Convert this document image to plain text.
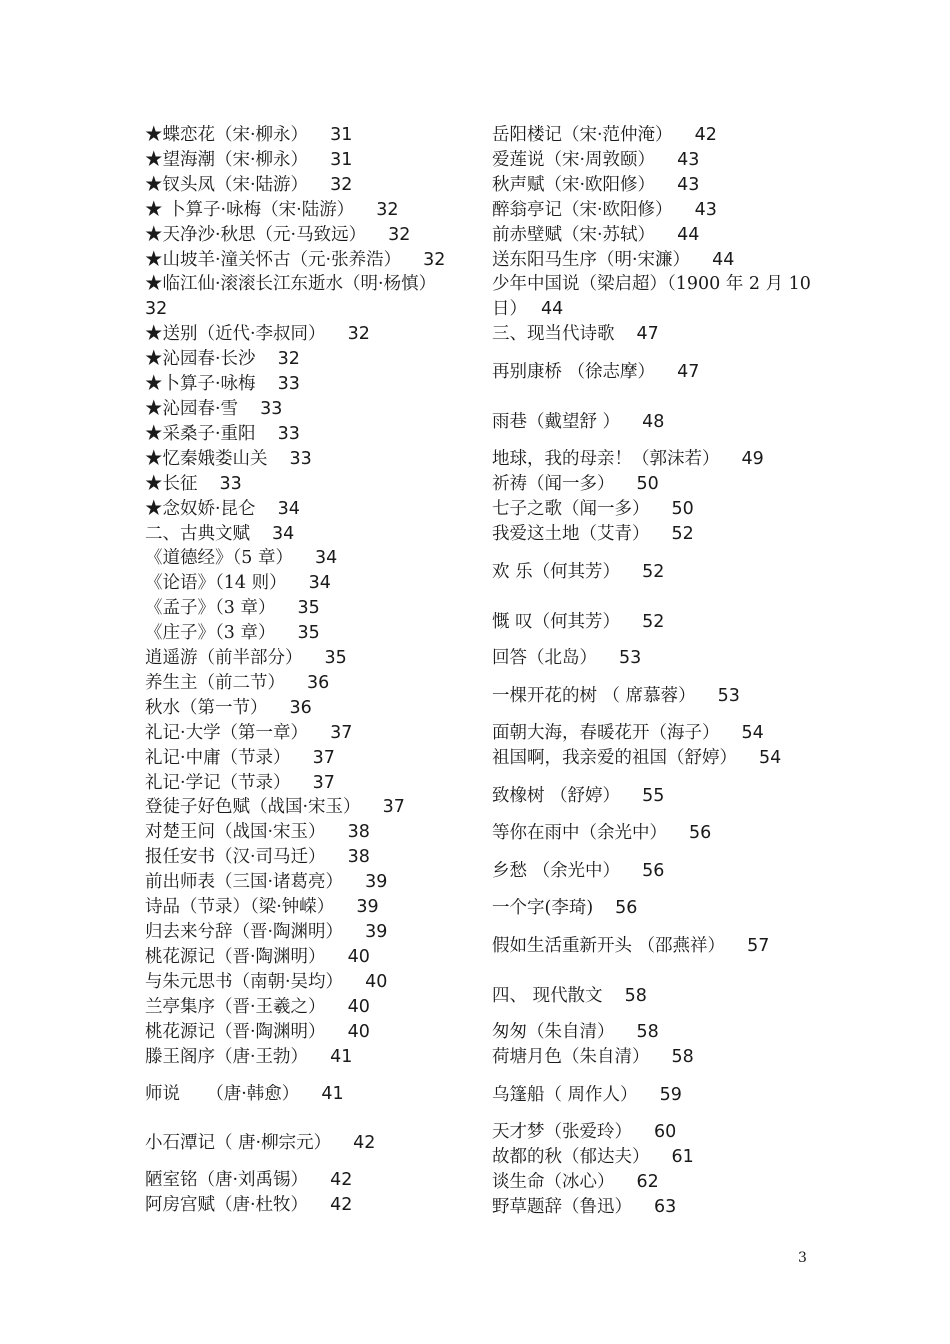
★蝶恋花（宋·柳永） 31
★望海潮（宋·柳永） 31
★钗头凤（宋·陆游） 32
★ 卜算子·咏梅（宋·陆游） 32
★天净沙·秋思（元·马致远） 32
★山坡羊·潼关怀古（元·张养浩） 32
★临江仙·滚滚长江东逝水（明·杨慎）
32
★送别（近代·李叔同） 32
★沁园春·长沙 32
★卜算子·咏梅 33
★沁园春·雪 33
★采桑子·重阳 33
★忆秦娥娄山关 33
★长征 33
★念奴娇·昆仑 34
二、古典文赋 34
《道德经》（5 章） 34
《论语》（14 则） 34
《孟子》（3 章） 35
《庄子》（3 章） 35
逍遥游（前半部分） 35
养生主（前二节） 36
秋水（第一节） 36
礼记·大学（第一章） 37
礼记·中庸（节录） 37
礼记·学记（节录） 37
登徒子好色赋（战国·宋玉） 37
对楚王问（战国·宋玉） 38
报任安书（汉·司马迁） 38
前出师表（三国·诸葛亮） 39
诗品（节录）（梁·钟嵘） 39
归去来兮辞（晋·陶渊明） 39
桃花源记（晋·陶渊明） 40
与朱元思书（南朝·吴均） 40
兰亭集序（晋·王羲之） 40
桃花源记（晋·陶渊明） 40
滕王阁序（唐·王勃） 41
师说　　（唐·韩愈） 41
小石潭记（ 唐·柳宗元） 42
陋室铭（唐·刘禹锡） 42
阿房宫赋（唐·杜牧） 42
岳阳楼记（宋·范仲淹） 42
爱莲说（宋·周敦颐） 43
秋声赋（宋·欧阳修） 43
醉翁亭记（宋·欧阳修） 43
前赤壁赋（宋·苏轼） 44
送东阳马生序（明·宋濂） 44
少年中国说（梁启超）（1900 年 2 月 10 日） 44
三、现当代诗歌 47
再别康桥 （徐志摩） 47
雨巷（戴望舒 ） 48
地球，我的母亲！（郭沫若） 49
祈祷（闻一多） 50
七子之歌（闻一多） 50
我爱这土地（艾青） 52
欢 乐（何其芳） 52
慨 叹（何其芳） 52
回答（北岛） 53
一棵开花的树 （ 席慕蓉） 53
面朝大海，春暖花开（海子） 54
祖国啊，我亲爱的祖国（舒婷） 54
致橡树 （舒婷） 55
等你在雨中（余光中） 56
乡愁 （余光中） 56
一个字(李琦) 56
假如生活重新开头 （邵燕祥） 57
四、 现代散文 58
匆匆（朱自清） 58
荷塘月色（朱自清） 58
乌篷船（ 周作人） 59
天才梦（张爱玲） 60
故都的秋（郁达夫） 61
谈生命（冰心） 62
野草题辞（鲁迅） 63
3
